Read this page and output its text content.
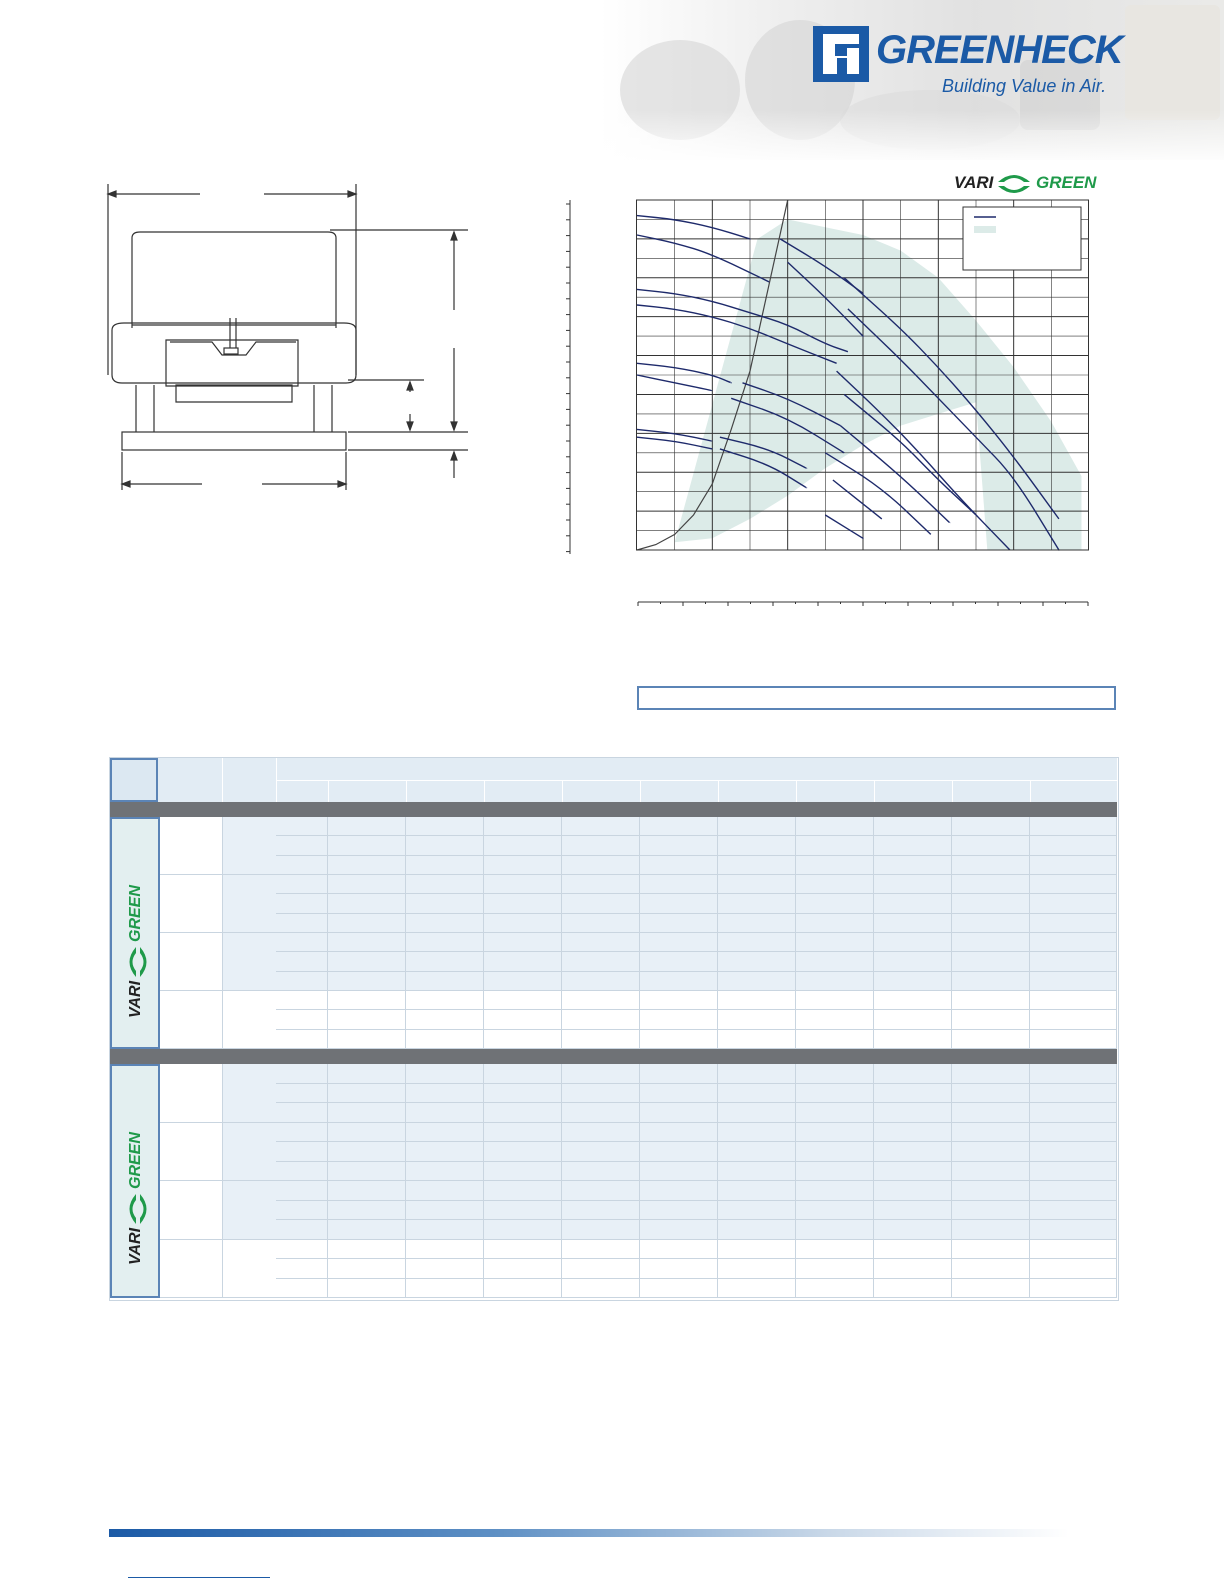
GREENHECK
Building Value in Air.
VARI	GREEN
VARI
GREEN
VARI
GREEN
